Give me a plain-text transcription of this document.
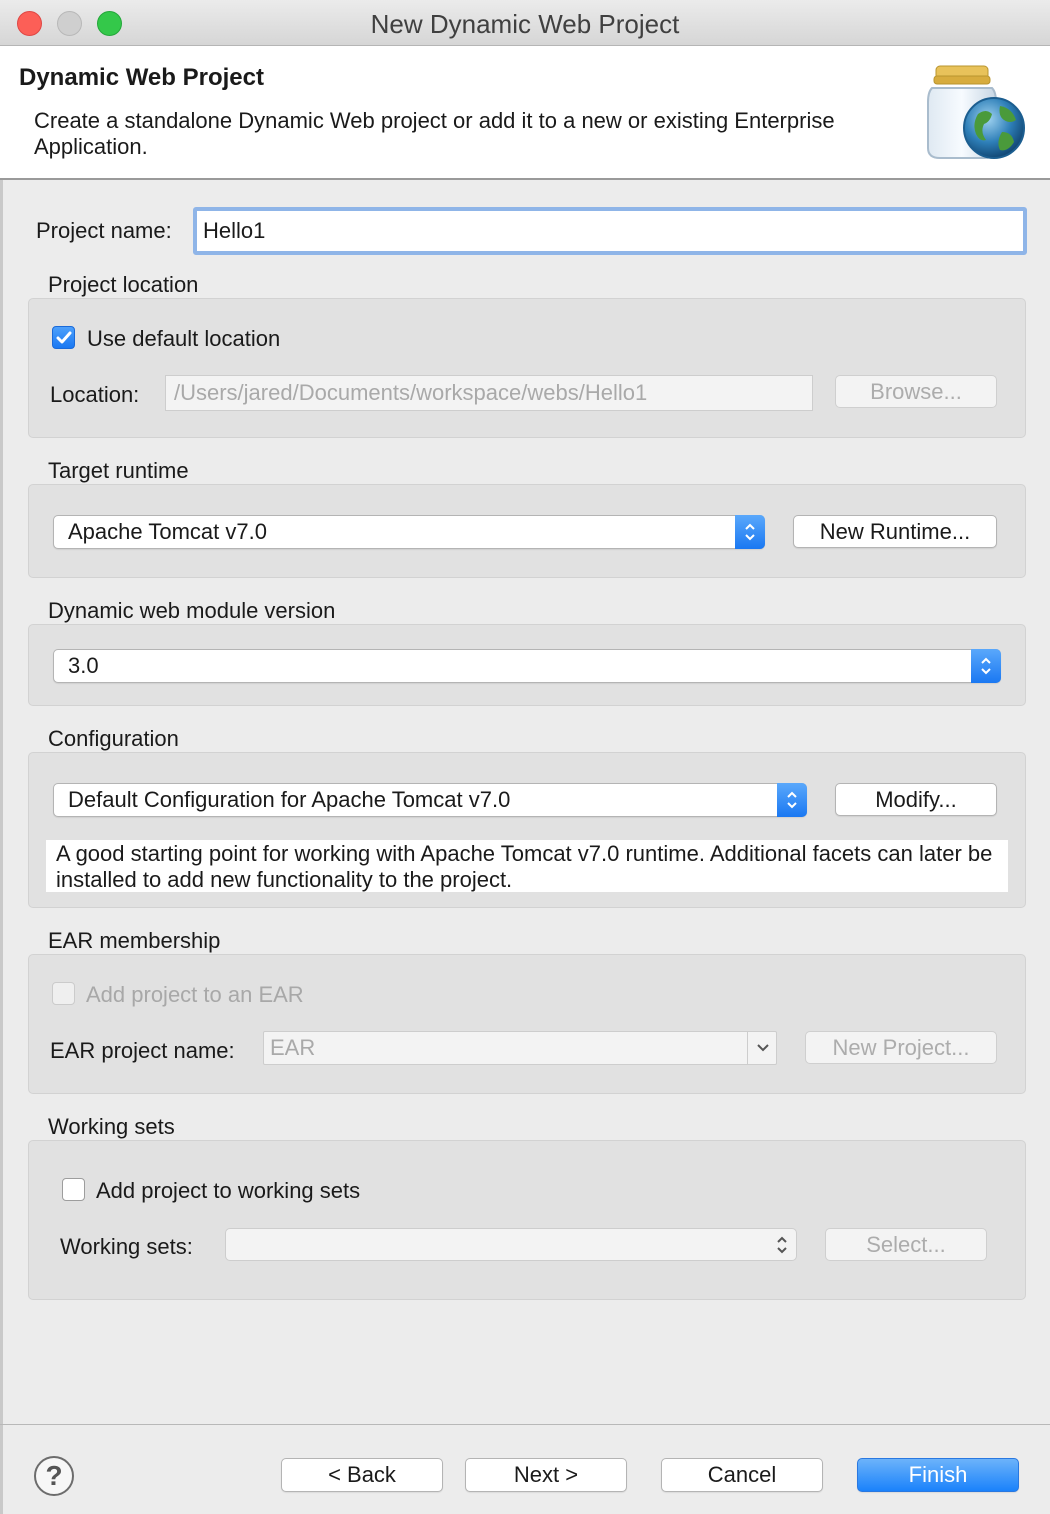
New Dynamic Web Project
Dynamic Web Project
Create a standalone Dynamic Web project or add it to a new or existing Enterprise Application.
Project name:	Hello1
Project location
Use default location
Location:	/Users/jared/Documents/workspace/webs/Hello1	Browse...
Target runtime
Apache Tomcat v7.0	New Runtime...
Dynamic web module version
3.0
Configuration
Default Configuration for Apache Tomcat v7.0	Modify...
A good starting point for working with Apache Tomcat v7.0 runtime. Additional facets can later be installed to add new functionality to the project.
EAR membership
Add project to an EAR
EAR project name: EAR	New Project...
Working sets
Add project to working sets
Working sets:	Select...
?	< Back	Next >	Cancel	Finish
